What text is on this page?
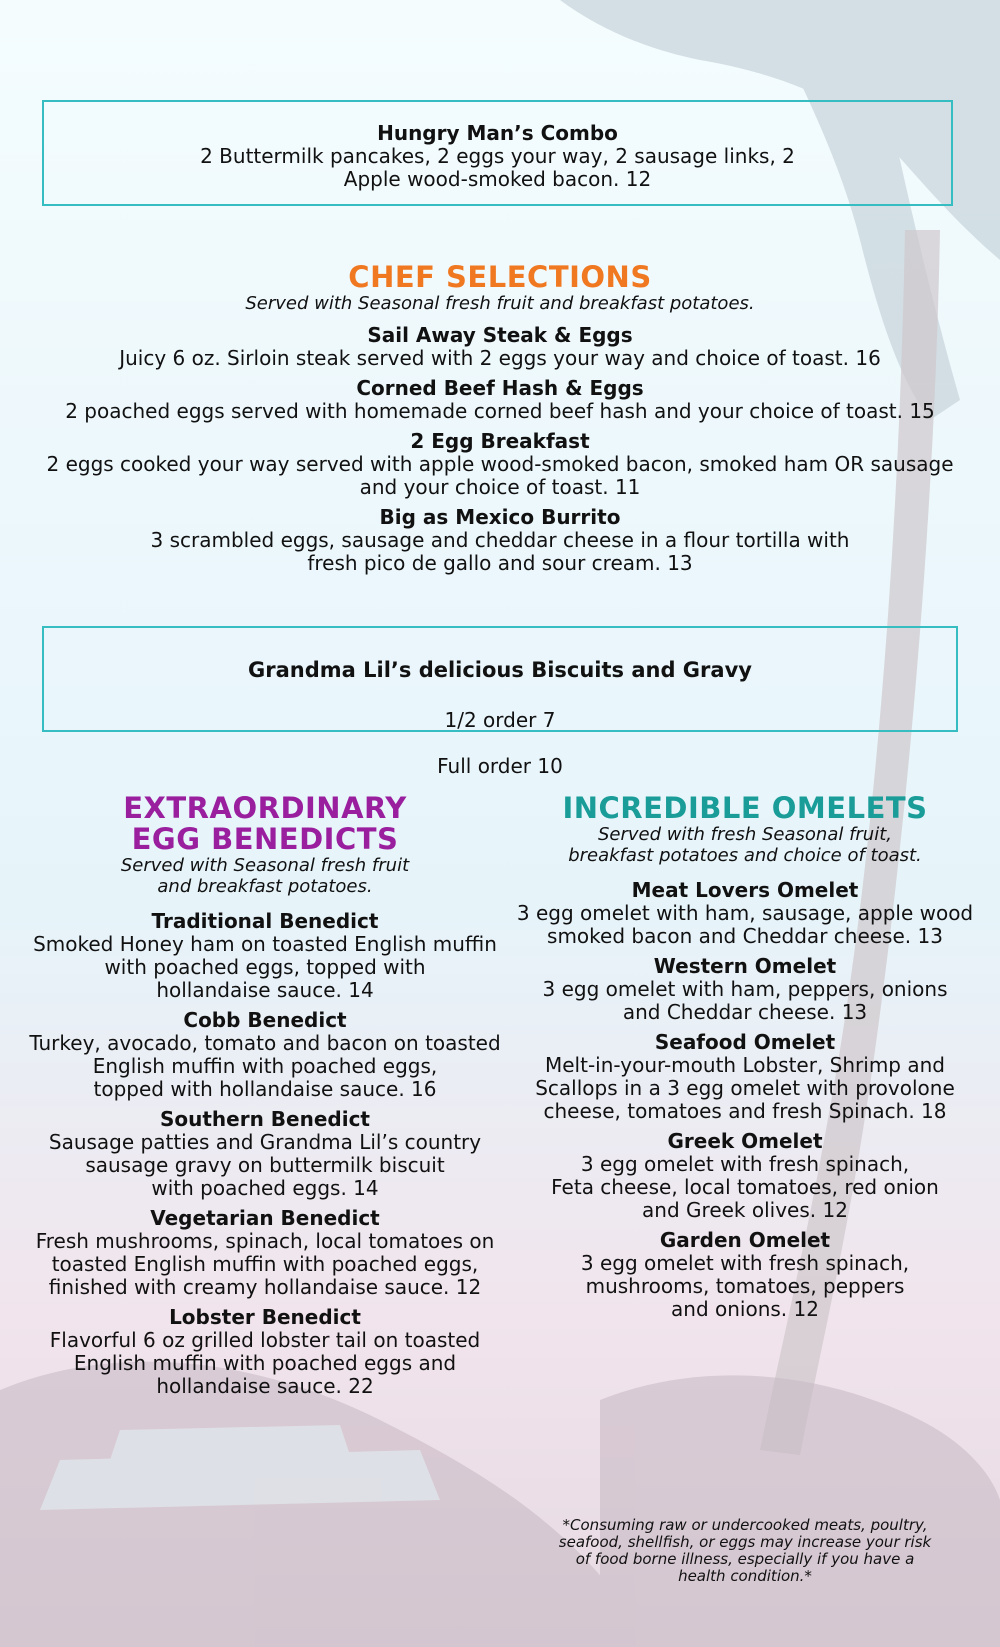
Hungry Man’s Combo
2 Buttermilk pancakes, 2 eggs your way, 2 sausage links, 2
Apple wood-smoked bacon. 12
CHEF SELECTIONS
Served with Seasonal fresh fruit and breakfast potatoes.
Sail Away Steak & Eggs
Juicy 6 oz. Sirloin steak served with 2 eggs your way and choice of toast. 16
Corned Beef Hash & Eggs
2 poached eggs served with homemade corned beef hash and your choice of toast. 15
2 Egg Breakfast
2 eggs cooked your way served with apple wood-smoked bacon, smoked ham OR sausage
and your choice of toast. 11
Big as Mexico Burrito
3 scrambled eggs, sausage and cheddar cheese in a flour tortilla with
fresh pico de gallo and sour cream. 13
Grandma Lil’s delicious Biscuits and Gravy

1/2 order 7

Full order 10

EXTRAORDINARY
EGG BENEDICTS
Served with Seasonal fresh fruit
and breakfast potatoes.
Traditional Benedict
Smoked Honey ham on toasted English muffin
with poached eggs, topped with
hollandaise sauce. 14
Cobb Benedict
Turkey, avocado, tomato and bacon on toasted
English muffin with poached eggs,
topped with hollandaise sauce. 16
Southern Benedict
Sausage patties and Grandma Lil’s country
sausage gravy on buttermilk biscuit
with poached eggs. 14
Vegetarian Benedict
Fresh mushrooms, spinach, local tomatoes on
toasted English muffin with poached eggs,
finished with creamy hollandaise sauce. 12
Lobster Benedict
Flavorful 6 oz grilled lobster tail on toasted
English muffin with poached eggs and
hollandaise sauce. 22
INCREDIBLE OMELETS
Served with fresh Seasonal fruit,
breakfast potatoes and choice of toast.
Meat Lovers Omelet
3 egg omelet with ham, sausage, apple wood
smoked bacon and Cheddar cheese. 13
Western Omelet
3 egg omelet with ham, peppers, onions
and Cheddar cheese. 13
Seafood Omelet
Melt-in-your-mouth Lobster, Shrimp and
Scallops in a 3 egg omelet with provolone
cheese, tomatoes and fresh Spinach. 18
Greek Omelet
3 egg omelet with fresh spinach,
Feta cheese, local tomatoes, red onion
and Greek olives. 12
Garden Omelet
3 egg omelet with fresh spinach,
mushrooms, tomatoes, peppers
and onions. 12
*Consuming raw or undercooked meats, poultry,
seafood, shellfish, or eggs may increase your risk
of food borne illness, especially if you have a
health condition.*
